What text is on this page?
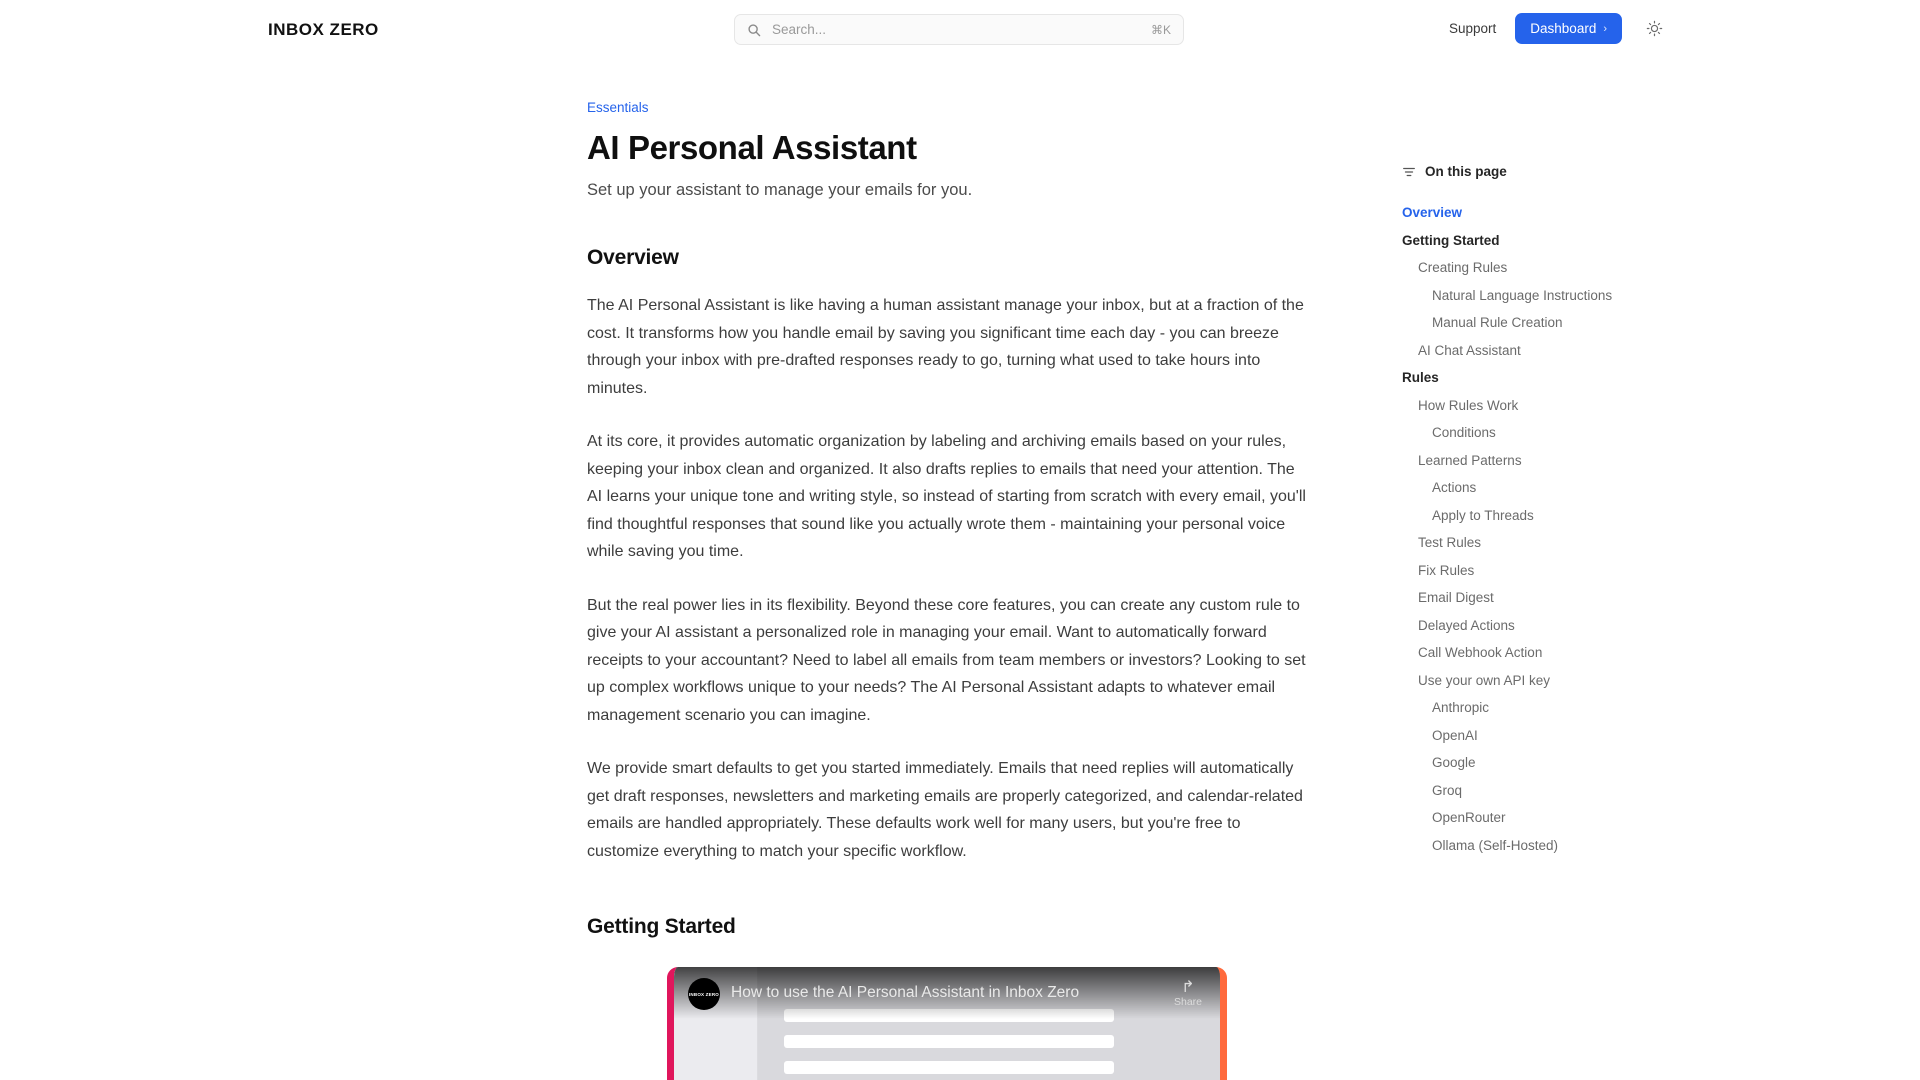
INBOX ZERO
Search...	⌘K	Support	Dashboard ›
Essentials
AI Personal Assistant

Set up your assistant to manage your emails for you.

Overview

The AI Personal Assistant is like having a human assistant manage your inbox, but at a fraction of the cost. It transforms how you handle email by saving you significant time each day - you can breeze through your inbox with pre-drafted responses ready to go, turning what used to take hours into minutes.

At its core, it provides automatic organization by labeling and archiving emails based on your rules, keeping your inbox clean and organized. It also drafts replies to emails that need your attention. The AI learns your unique tone and writing style, so instead of starting from scratch with every email, you'll find thoughtful responses that sound like you actually wrote them - maintaining your personal voice while saving you time.

But the real power lies in its flexibility. Beyond these core features, you can create any custom rule to give your AI assistant a personalized role in managing your email. Want to automatically forward receipts to your accountant? Need to label all emails from team members or investors? Looking to set up complex workflows unique to your needs? The AI Personal Assistant adapts to whatever email management scenario you can imagine.

We provide smart defaults to get you started immediately. Emails that need replies will automatically get draft responses, newsletters and marketing emails are properly categorized, and calendar-related emails are handled appropriately. These defaults work well for many users, but you're free to customize everything to match your specific workflow.

Getting Started
INBOX ZERO How to use the AI Personal Assistant in Inbox Zero	↱
Share
On this page
Overview
Getting Started
Creating Rules
Natural Language Instructions
Manual Rule Creation
AI Chat Assistant
Rules
How Rules Work
Conditions
Learned Patterns
Actions
Apply to Threads
Test Rules
Fix Rules
Email Digest
Delayed Actions
Call Webhook Action
Use your own API key
Anthropic
OpenAI
Google
Groq
OpenRouter
Ollama (Self-Hosted)
